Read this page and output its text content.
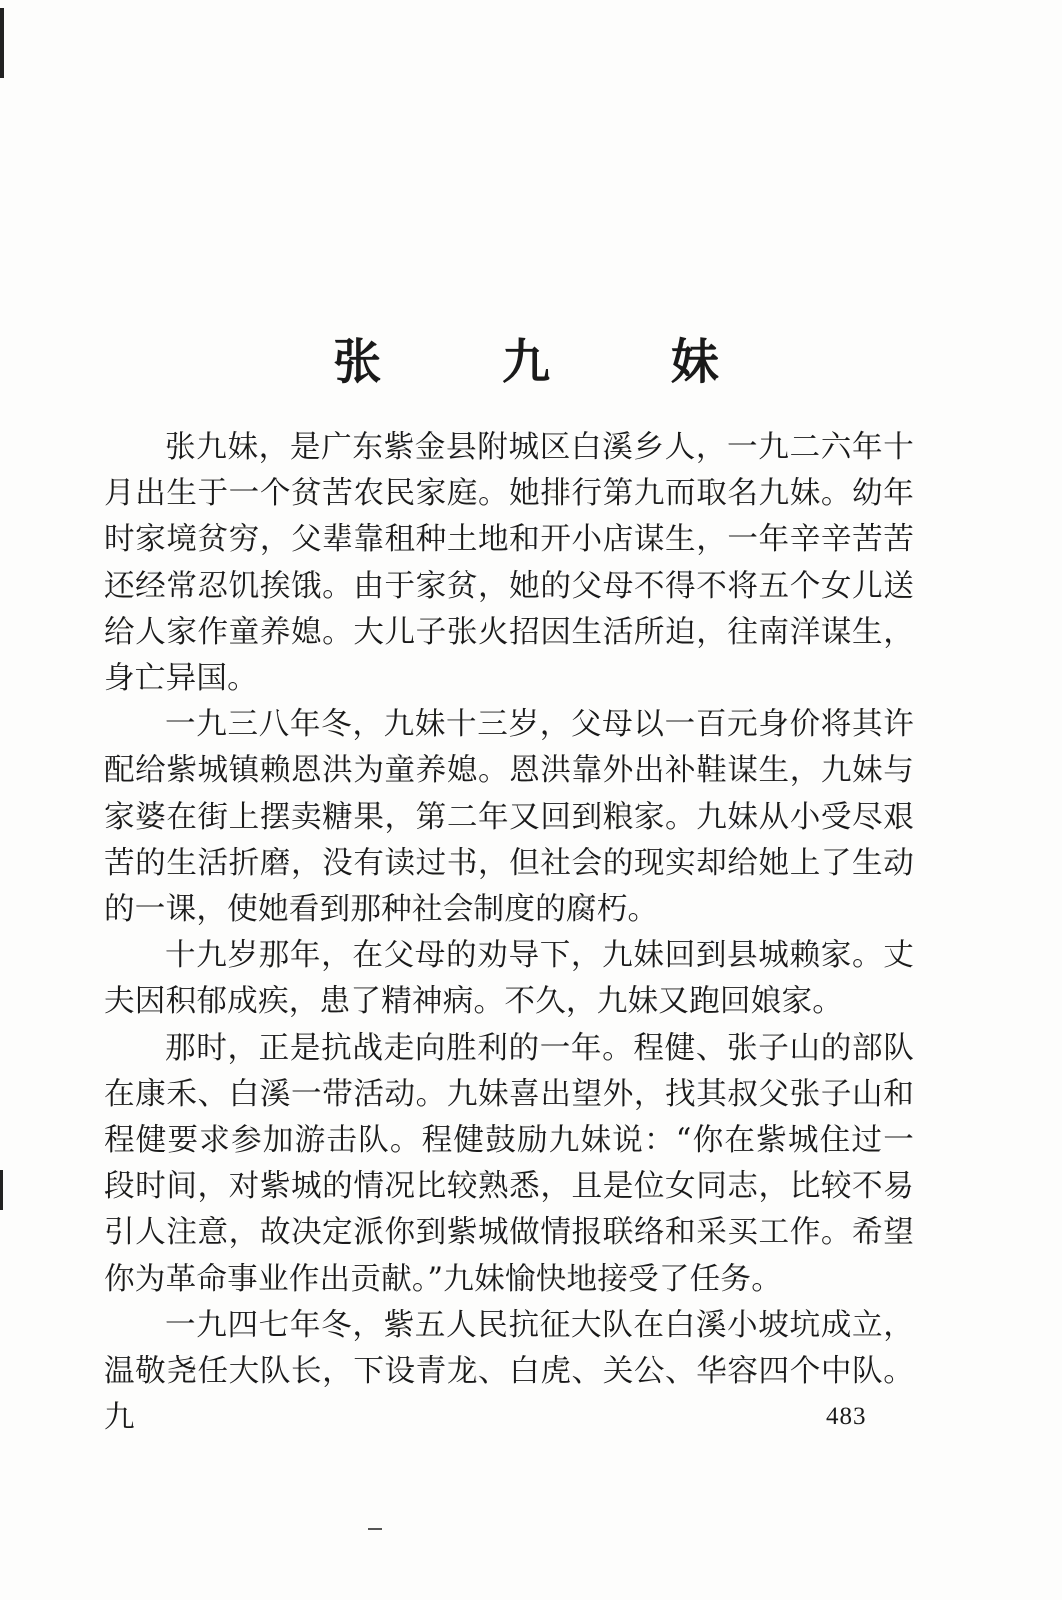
张 九 妹

张九妹，是广东紫金县附城区白溪乡人，一九二六年十月出生于一个贫苦农民家庭。她排行第九而取名九妹。幼年时家境贫穷，父辈靠租种土地和开小店谋生，一年辛辛苦苦还经常忍饥挨饿。由于家贫，她的父母不得不将五个女儿送给人家作童养媳。大儿子张火招因生活所迫，往南洋谋生，身亡异国。

一九三八年冬，九妹十三岁，父母以一百元身价将其许配给紫城镇赖恩洪为童养媳。恩洪靠外出补鞋谋生，九妹与家婆在街上摆卖糖果，第二年又回到粮家。九妹从小受尽艰苦的生活折磨，没有读过书，但社会的现实却给她上了生动的一课，使她看到那种社会制度的腐朽。

十九岁那年，在父母的劝导下，九妹回到县城赖家。丈夫因积郁成疾，患了精神病。不久，九妹又跑回娘家。

那时，正是抗战走向胜利的一年。程健、张子山的部队在康禾、白溪一带活动。九妹喜出望外，找其叔父张子山和程健要求参加游击队。程健鼓励九妹说：“你在紫城住过一段时间，对紫城的情况比较熟悉，且是位女同志，比较不易引人注意，故决定派你到紫城做情报联络和采买工作。希望你为革命事业作出贡献。”九妹愉快地接受了任务。

一九四七年冬，紫五人民抗征大队在白溪小坡坑成立，温敬尧任大队长，下设青龙、白虎、关公、华容四个中队。九	483
